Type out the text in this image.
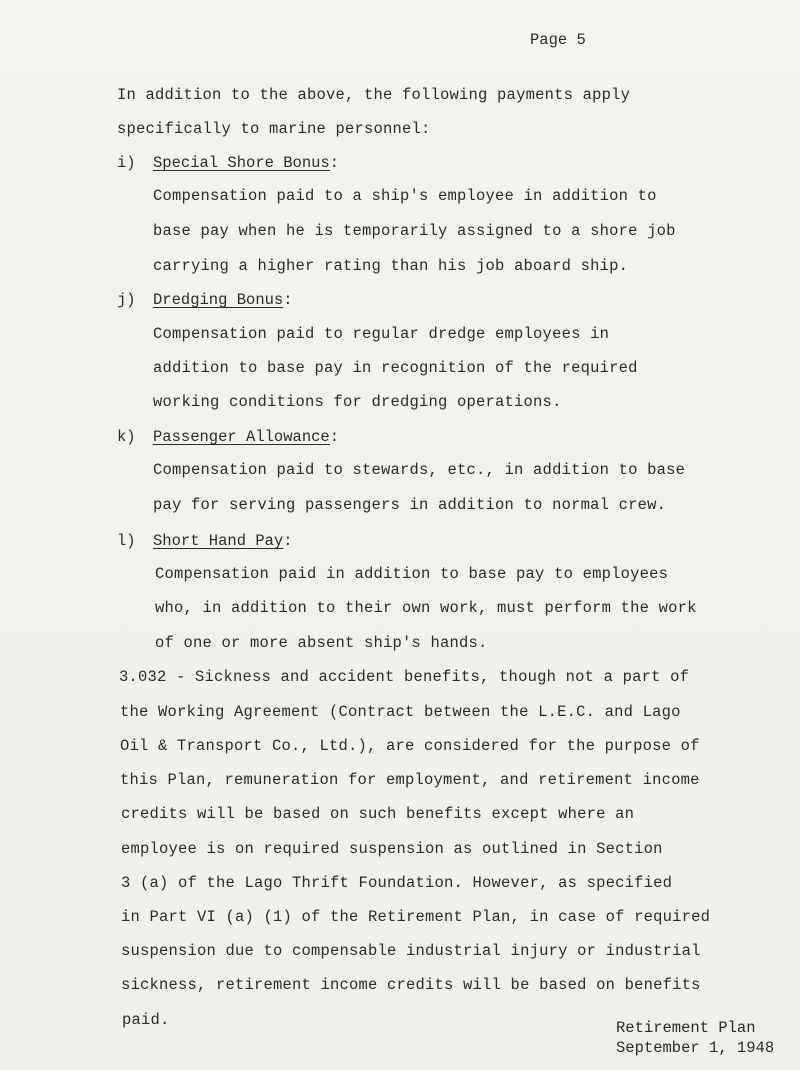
Page 5
In addition to the above, the following payments apply
specifically to marine personnel:
i) Special Shore Bonus:
Compensation paid to a ship's employee in addition to
base pay when he is temporarily assigned to a shore job
carrying a higher rating than his job aboard ship.
j) Dredging Bonus:
Compensation paid to regular dredge employees in
addition to base pay in recognition of the required
working conditions for dredging operations.
k) Passenger Allowance:
Compensation paid to stewards, etc., in addition to base
pay for serving passengers in addition to normal crew.
l) Short Hand Pay:
Compensation paid in addition to base pay to employees
who, in addition to their own work, must perform the work
of one or more absent ship's hands.
3.032 - Sickness and accident benefits, though not a part of
the Working Agreement (Contract between the L.E.C. and Lago
Oil & Transport Co., Ltd.), are considered for the purpose of
this Plan, remuneration for employment, and retirement income
credits will be based on such benefits except where an
employee is on required suspension as outlined in Section
3 (a) of the Lago Thrift Foundation. However, as specified
in Part VI (a) (1) of the Retirement Plan, in case of required
suspension due to compensable industrial injury or industrial
sickness, retirement income credits will be based on benefits
paid.	Retirement Plan
September 1, 1948
